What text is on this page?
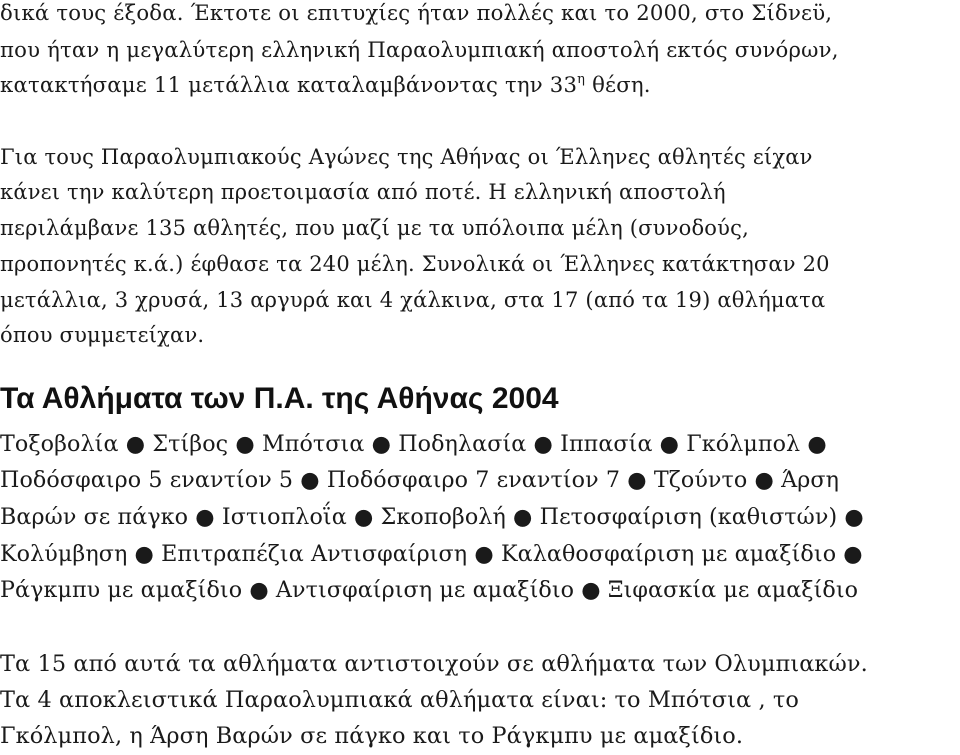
δικά τους έξοδα. Έκτοτε οι επιτυχίες ήταν πολλές και το 2000, στο Σίδνεϋ,
που ήταν η μεγαλύτερη ελληνική Παραολυμπιακή αποστολή εκτός συνόρων,
κατακτήσαμε 11 μετάλλια καταλαμβάνοντας την $33^\eta$ θέση.
Για τους Παραολυμπιακούς Αγώνες της Αθήνας οι Έλληνες αθλητές είχαν
κάνει την καλύτερη προετοιμασία από ποτέ. Η ελληνική αποστολή
περιλάμβανε 135 αθλητές, που μαζί με τα υπόλοιπα μέλη (συνοδούς,
προπονητές κ.ά.) έφθασε τα 240 μέλη. Συνολικά οι Έλληνες κατάκτησαν 20
μετάλλια, 3 χρυσά, 13 αργυρά και 4 χάλκινα, στα 17 (από τα 19) αθλήματα
όπου συμμετείχαν.
Τα Αθλήματα των Π.Α. της Αθήνας 2004
Τοξοβολία ● Στίβος ● Μπότσια ● Ποδηλασία ● Ιππασία ● Γκόλμπολ ●
Ποδόσφαιρο 5 εναντίον 5 ● Ποδόσφαιρο 7 εναντίον 7 ● Τζούντο ● Άρση
Βαρών σε πάγκο ● Ιστιοπλοΐα ● Σκοποβολή ● Πετοσφαίριση (καθιστών) ●
Κολύμβηση ● Επιτραπέζια Αντισφαίριση ● Καλαθοσφαίριση με αμαξίδιο ●
Ράγκμπυ με αμαξίδιο ● Αντισφαίριση με αμαξίδιο ● Ξιφασκία με αμαξίδιο
Τα 15 από αυτά τα αθλήματα αντιστοιχούν σε αθλήματα των Ολυμπιακών.
Τα 4 αποκλειστικά Παραολυμπιακά αθλήματα είναι: το Μπότσια , το
Γκόλμπολ, η Άρση Βαρών σε πάγκο και το Ράγκμπυ με αμαξίδιο.
